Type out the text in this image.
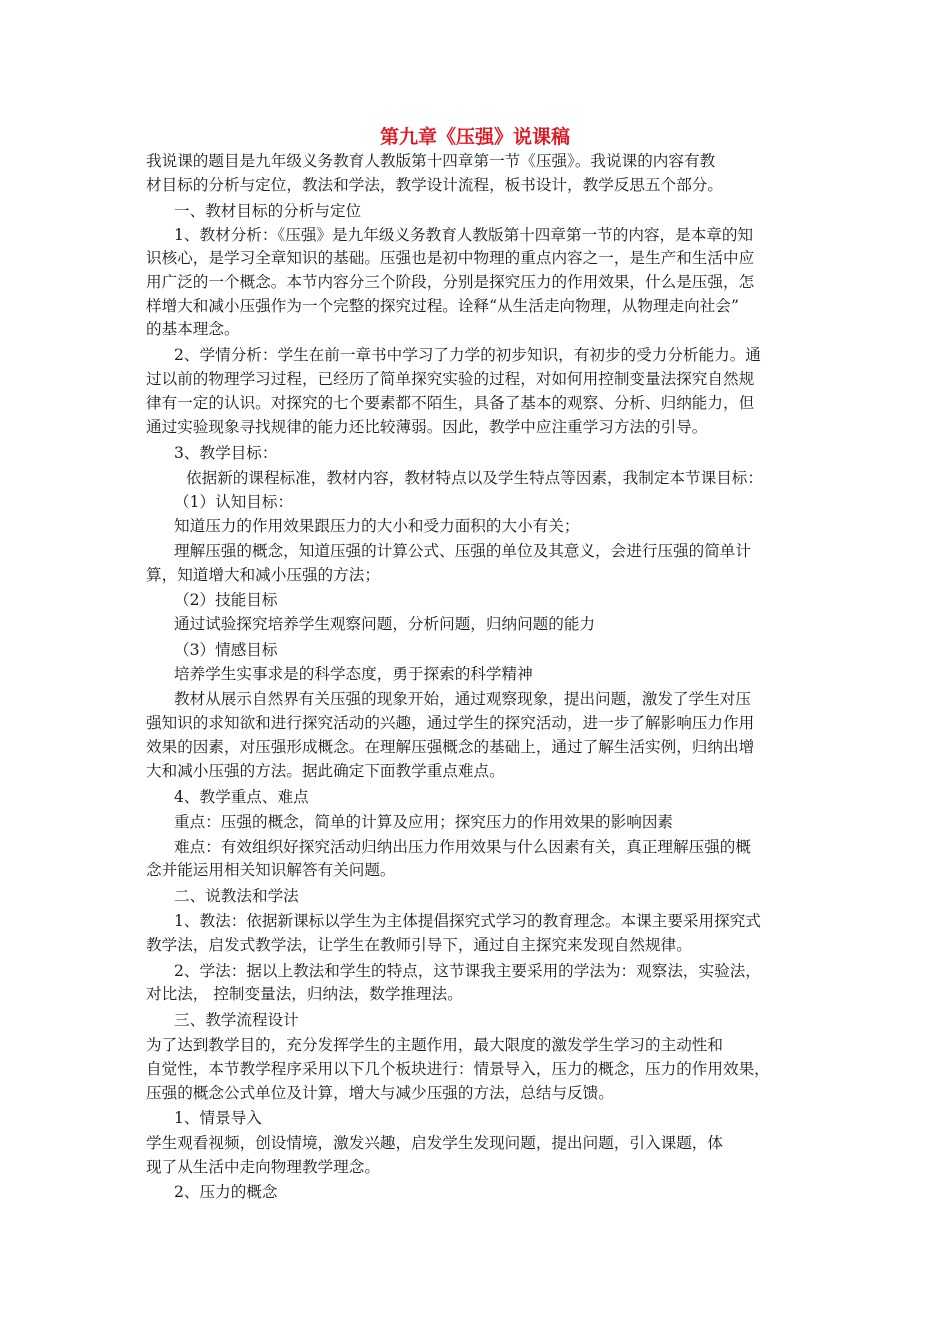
第九章《压强》说课稿

我说课的题目是九年级义务教育人教版第十四章第一节《压强》。我说课的内容有教

材目标的分析与定位，教法和学法，教学设计流程，板书设计，教学反思五个部分。

一、教材目标的分析与定位

1、教材分析：《压强》是九年级义务教育人教版第十四章第一节的内容，是本章的知

识核心，是学习全章知识的基础。压强也是初中物理的重点内容之一，是生产和生活中应

用广泛的一个概念。本节内容分三个阶段，分别是探究压力的作用效果，什么是压强，怎

样增大和减小压强作为一个完整的探究过程。诠释“从生活走向物理，从物理走向社会”

的基本理念。

2、学情分析：学生在前一章书中学习了力学的初步知识，有初步的受力分析能力。通

过以前的物理学习过程，已经历了简单探究实验的过程，对如何用控制变量法探究自然规

律有一定的认识。对探究的七个要素都不陌生，具备了基本的观察、分析、归纳能力，但

通过实验现象寻找规律的能力还比较薄弱。因此，教学中应注重学习方法的引导。

3、教学目标：

依据新的课程标准，教材内容，教材特点以及学生特点等因素，我制定本节课目标：

（1）认知目标：

知道压力的作用效果跟压力的大小和受力面积的大小有关；

理解压强的概念，知道压强的计算公式、压强的单位及其意义，会进行压强的简单计

算，知道增大和减小压强的方法；

（2）技能目标

通过试验探究培养学生观察问题，分析问题，归纳问题的能力

（3）情感目标

培养学生实事求是的科学态度，勇于探索的科学精神

教材从展示自然界有关压强的现象开始，通过观察现象，提出问题，激发了学生对压

强知识的求知欲和进行探究活动的兴趣，通过学生的探究活动，进一步了解影响压力作用

效果的因素，对压强形成概念。在理解压强概念的基础上，通过了解生活实例，归纳出增

大和减小压强的方法。据此确定下面教学重点难点。

4、教学重点、难点

重点：压强的概念，简单的计算及应用；探究压力的作用效果的影响因素

难点：有效组织好探究活动归纳出压力作用效果与什么因素有关，真正理解压强的概

念并能运用相关知识解答有关问题。

二、说教法和学法

1、教法：依据新课标以学生为主体提倡探究式学习的教育理念。本课主要采用探究式

教学法，启发式教学法，让学生在教师引导下，通过自主探究来发现自然规律。

2、学法：据以上教法和学生的特点，这节课我主要采用的学法为：观察法，实验法，

对比法， 控制变量法，归纳法，数学推理法。

三、教学流程设计

为了达到教学目的，充分发挥学生的主题作用，最大限度的激发学生学习的主动性和

自觉性，本节教学程序采用以下几个板块进行：情景导入，压力的概念，压力的作用效果，

压强的概念公式单位及计算，增大与减少压强的方法，总结与反馈。

1、情景导入

学生观看视频，创设情境，激发兴趣，启发学生发现问题，提出问题，引入课题，体

现了从生活中走向物理教学理念。

2、压力的概念
